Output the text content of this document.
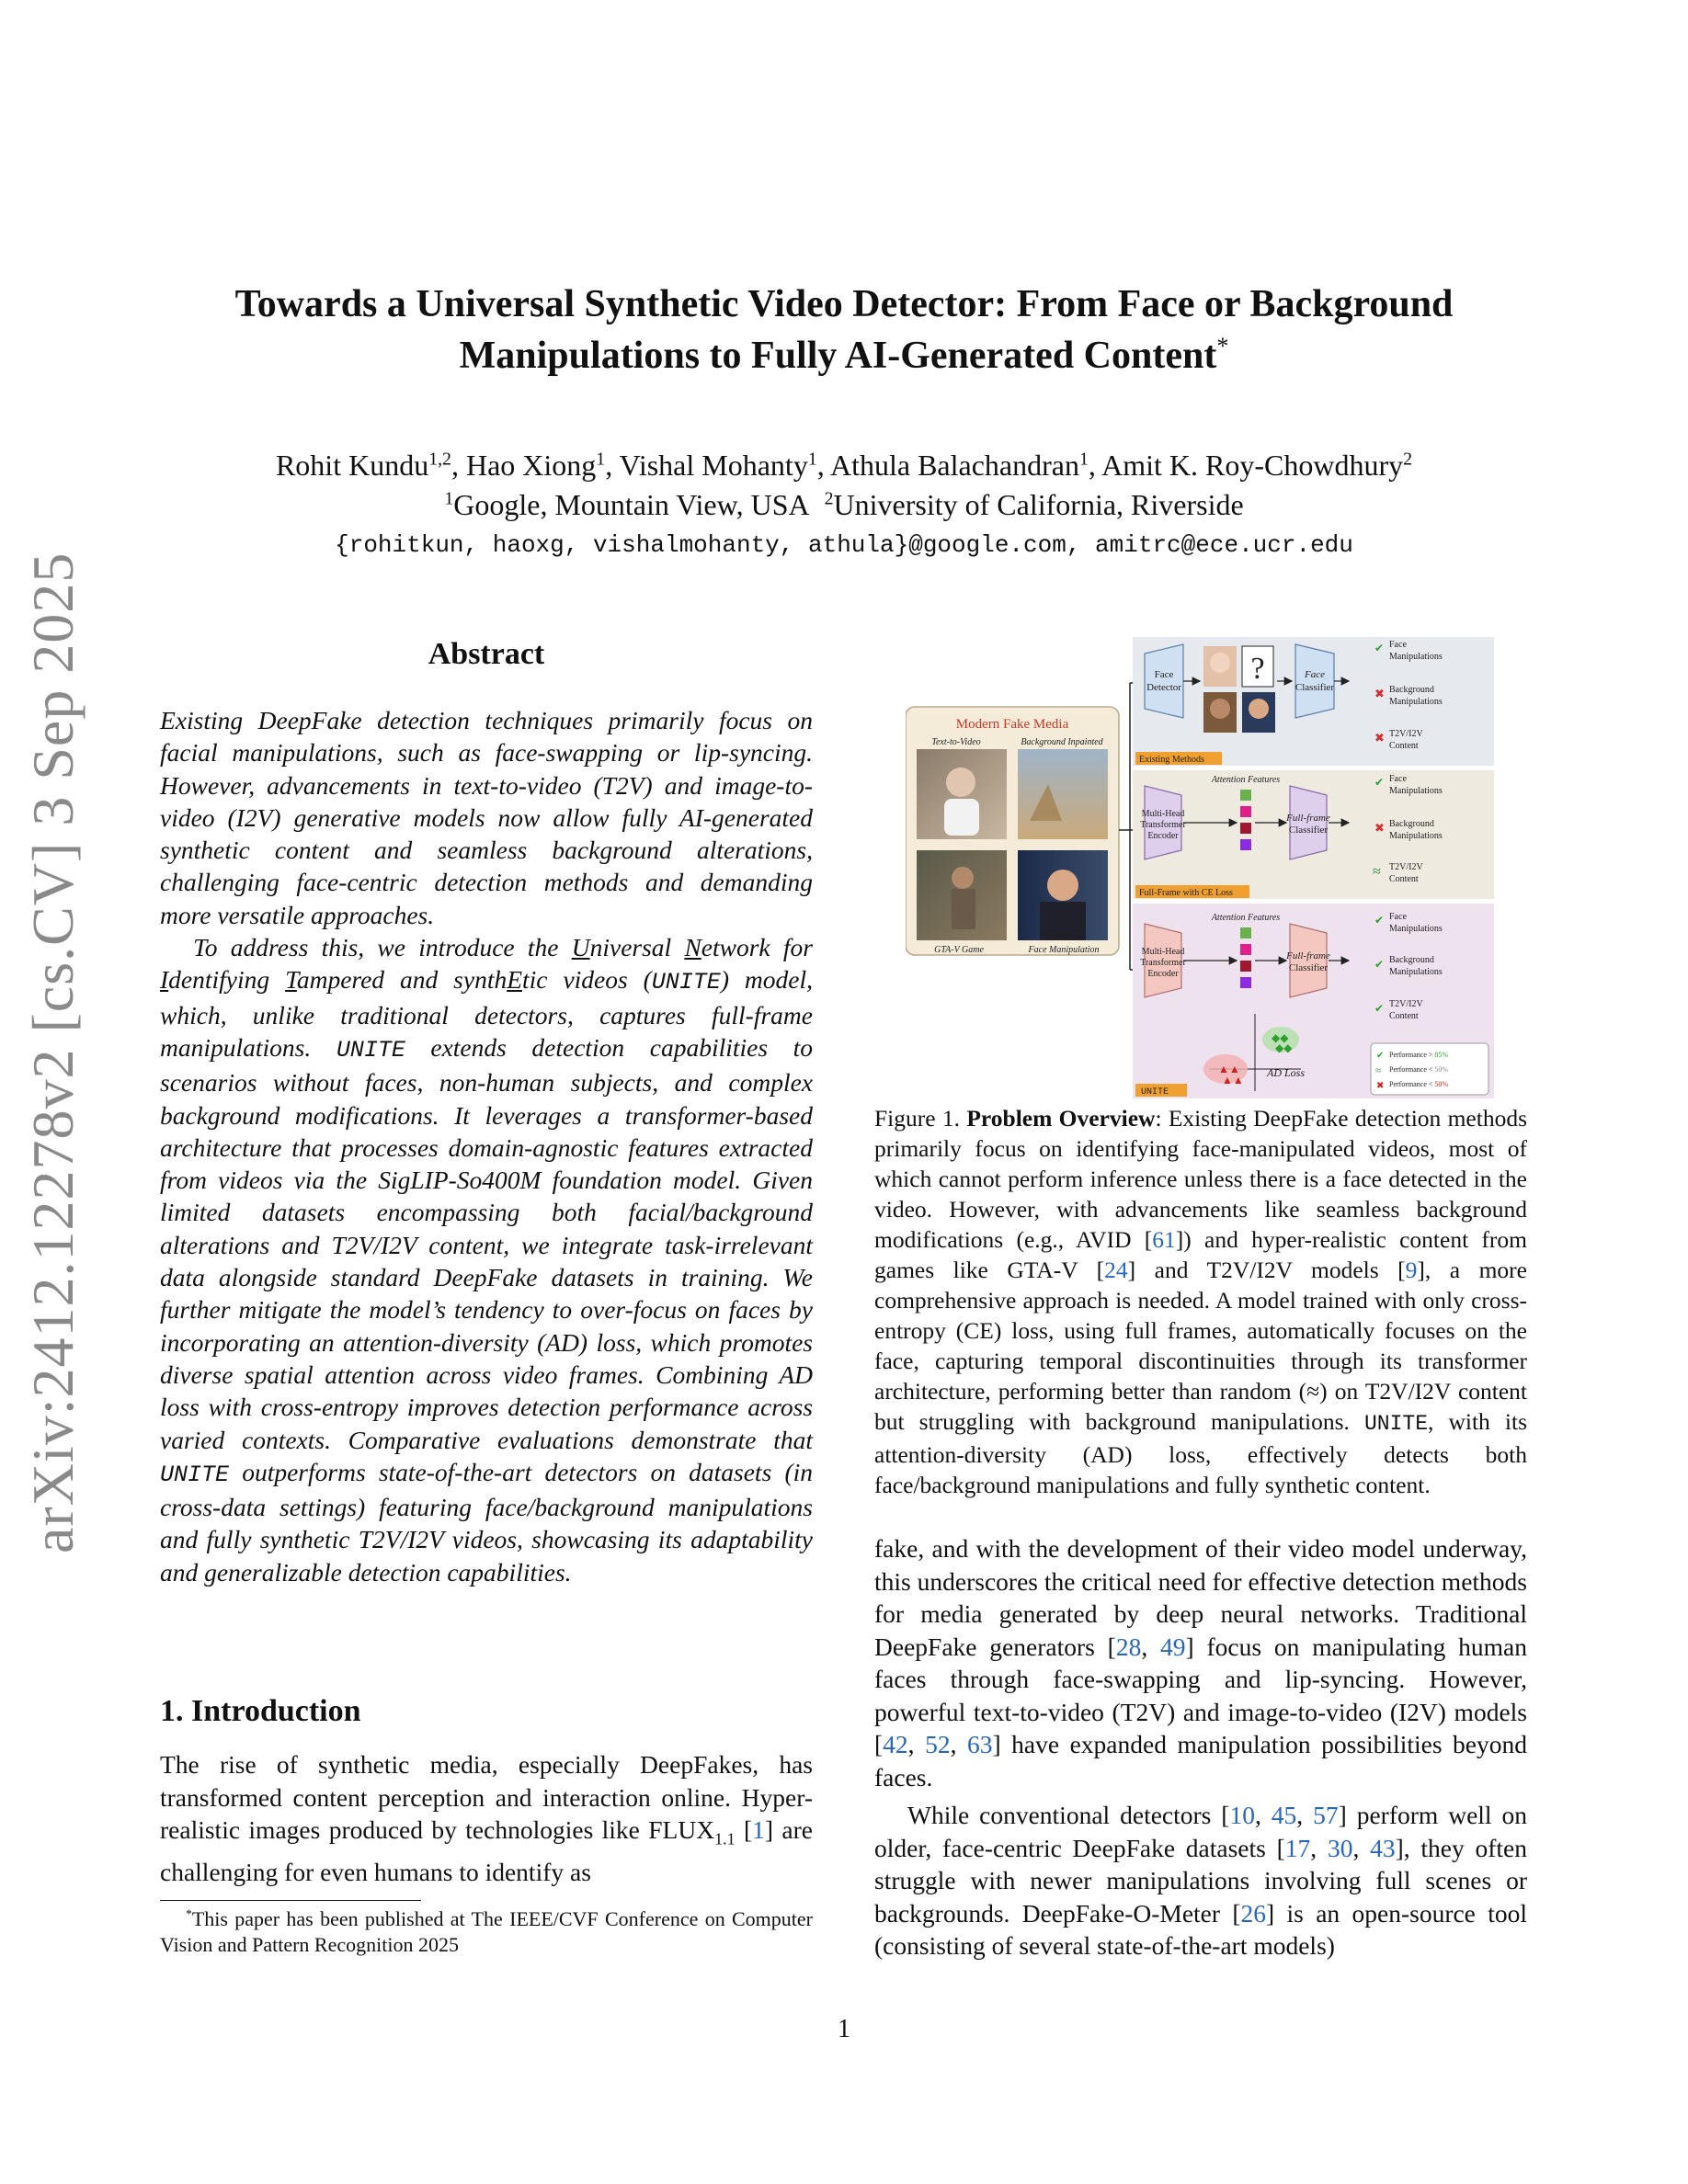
Towards a Universal Synthetic Video Detector: From Face or Background
Manipulations to Fully AI-Generated Content*
Rohit Kundu$^{1,2}$, Hao Xiong$^1$, Vishal Mohanty$^1$, Athula Balachandran$^1$, Amit K. Roy-Chowdhury$^2$
$^1$Google, Mountain View, USA $^2$University of California, Riverside
{rohitkun, haoxg, vishalmohanty, athula}@google.com, amitrc@ece.ucr.edu
arXiv:2412.12278v2 [cs.CV] 3 Sep 2025	Abstract

Existing DeepFake detection techniques primarily focus on facial manipulations, such as face-swapping or lip-syncing. However, advancements in text-to-video (T2V) and image-to-video (I2V) generative models now allow fully AI-generated synthetic content and seamless background alterations, challenging face-centric detection methods and demanding more versatile approaches.

To address this, we introduce the Universal Network for Identifying Tampered and synthEtic videos (UNITE) model, which, unlike traditional detectors, captures full-frame manipulations. UNITE extends detection capabilities to scenarios without faces, non-human subjects, and complex background modifications. It leverages a transformer-based architecture that processes domain-agnostic features extracted from videos via the SigLIP-So400M foundation model. Given limited datasets encompassing both facial/background alterations and T2V/I2V content, we integrate task-irrelevant data alongside standard DeepFake datasets in training. We further mitigate the model’s tendency to over-focus on faces by incorporating an attention-diversity (AD) loss, which promotes diverse spatial attention across video frames. Combining AD loss with cross-entropy improves detection performance across varied contexts. Comparative evaluations demonstrate that UNITE outperforms state-of-the-art detectors on datasets (in cross-data settings) featuring face/background manipulations and fully synthetic T2V/I2V videos, showcasing its adaptability and generalizable detection capabilities.

1. Introduction

The rise of synthetic media, especially DeepFakes, has transformed content perception and interaction online. Hyper-realistic images produced by technologies like $FLUX_{1.1}$ [1] are challenging for even humans to identify as

*This paper has been published at The IEEE/CVF Conference on Computer Vision and Pattern Recognition 2025
Modern Fake Media
Text-to-Video	Background Inpainted
GTA-V Game	Face Manipulation
Face
Detector
?	Face
Classifier
Existing Methods
✔ Face
Manipulations
✖ Background
Manipulations
✖ T2V/I2V
Content
Multi-Head
Transformer
Encoder
Attention Features
Full-frame
Classifier
Full-Frame with CE Loss
✔ Face
Manipulations
✖ Background
Manipulations
≈ T2V/I2V
Content
Multi-Head
Transformer
Encoder
Attention Features
Full-frame
Classifier
▲▲
▲▲
◆◆
◆◆
AD Loss
UNITE
✔ Face
Manipulations
✔ Background
Manipulations
✔ T2V/I2V
Content
✔ Performance > 85%
≈ Performance < 50%
✖ Performance < 50%
Figure 1. Problem Overview: Existing DeepFake detection methods primarily focus on identifying face-manipulated videos, most of which cannot perform inference unless there is a face detected in the video. However, with advancements like seamless background modifications (e.g., AVID [61]) and hyper-realistic content from games like GTA-V [24] and T2V/I2V models [9], a more comprehensive approach is needed. A model trained with only cross-entropy (CE) loss, using full frames, automatically focuses on the face, capturing temporal discontinuities through its transformer architecture, performing better than random (≈) on T2V/I2V content but struggling with background manipulations. UNITE, with its attention-diversity (AD) loss, effectively detects both face/background manipulations and fully synthetic content.

fake, and with the development of their video model underway, this underscores the critical need for effective detection methods for media generated by deep neural networks. Traditional DeepFake generators [28, 49] focus on manipulating human faces through face-swapping and lip-syncing. However, powerful text-to-video (T2V) and image-to-video (I2V) models [42, 52, 63] have expanded manipulation possibilities beyond faces.

While conventional detectors [10, 45, 57] perform well on older, face-centric DeepFake datasets [17, 30, 43], they often struggle with newer manipulations involving full scenes or backgrounds. DeepFake-O-Meter [26] is an open-source tool (consisting of several state-of-the-art models)

1
